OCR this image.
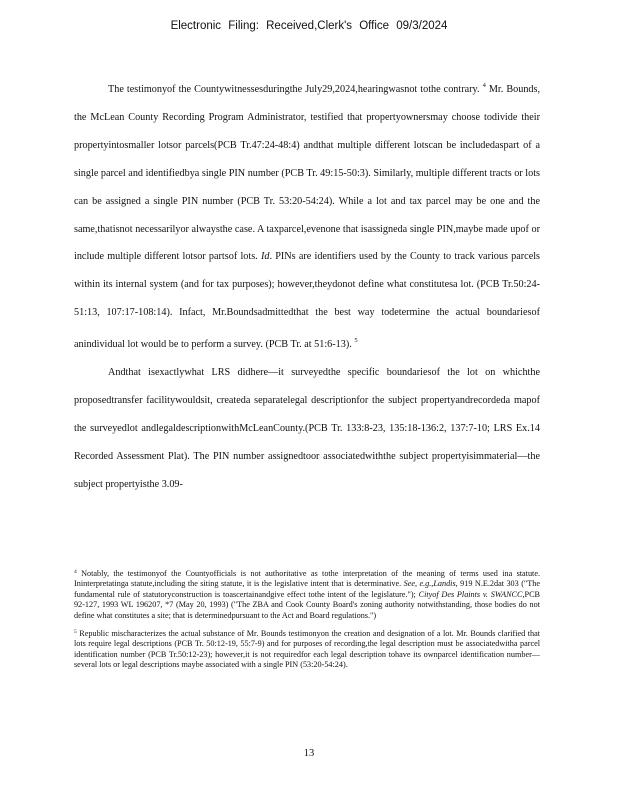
Electronic Filing: Received,Clerk's Office 09/3/2024

The testimonyof the Countywitnessesduringthe July29,2024,hearingwasnot tothe contrary. $^4$ Mr. Bounds, the McLean County Recording Program Administrator, testified that propertyownersmay choose todivide their propertyintosmaller lotsor parcels(PCB Tr.47:24-48:4) andthat multiple different lotscan be includedaspart of a single parcel and identifiedbya single PIN number (PCB Tr. 49:15-50:3). Similarly, multiple different tracts or lots can be assigned a single PIN number (PCB Tr. 53:20-54:24). While a lot and tax parcel may be one and the same,thatisnot necessarilyor alwaysthe case. A taxparcel,evenone that isassigneda single PIN,maybe made upof or include multiple different lotsor partsof lots. Id. PINs are identifiers used by the County to track various parcels within its internal system (and for tax purposes); however,theydonot define what constitutesa lot. (PCB Tr.50:24-51:13, 107:17-108:14). Infact, Mr.Boundsadmittedthat the best way todetermine the actual boundariesof anindividual lot would be to perform a survey. (PCB Tr. at 51:6-13). $^5$

Andthat isexactlywhat LRS didhere—it surveyedthe specific boundariesof the lot on whichthe proposedtransfer facilitywouldsit, createda separatelegal descriptionfor the subject propertyandrecordeda mapof the surveyedlot andlegaldescriptionwithMcLeanCounty.(PCB Tr. 133:8-23, 135:18-136:2, 137:7-10; LRS Ex.14 Recorded Assessment Plat). The PIN number assignedtoor associatedwiththe subject propertyisimmaterial—the subject propertyisthe 3.09-

$^4$ Notably, the testimonyof the Countyofficials is not authoritative as tothe interpretation of the meaning of terms used ina statute. Ininterpretatinga statute,including the siting statute, it is the legislative intent that is determinative. See, e.g.,Landis, 919 N.E.2dat 303 ("The fundamental rule of statutoryconstruction is toascertainandgive effect tothe intent of the legislature."); Cityof Des Plaints v. SWANCC,PCB 92-127, 1993 WL 196207, *7 (May 20, 1993) ("The ZBA and Cook County Board's zoning authority notwithstanding, those bodies do not define what constitutes a site; that is determinedpursuant to the Act and Board regulations.")

$^5$ Republic mischaracterizes the actual substance of Mr. Bounds testimonyon the creation and designation of a lot. Mr. Bounds clarified that lots require legal descriptions (PCB Tr. 50:12-19, 55:7-9) and for purposes of recording,the legal description must be associatedwitha parcel identification number (PCB Tr.50:12-23); however,it is not requiredfor each legal description tohave its ownparcel identification number—several lots or legal descriptions maybe associated with a single PIN (53:20-54:24).

13
